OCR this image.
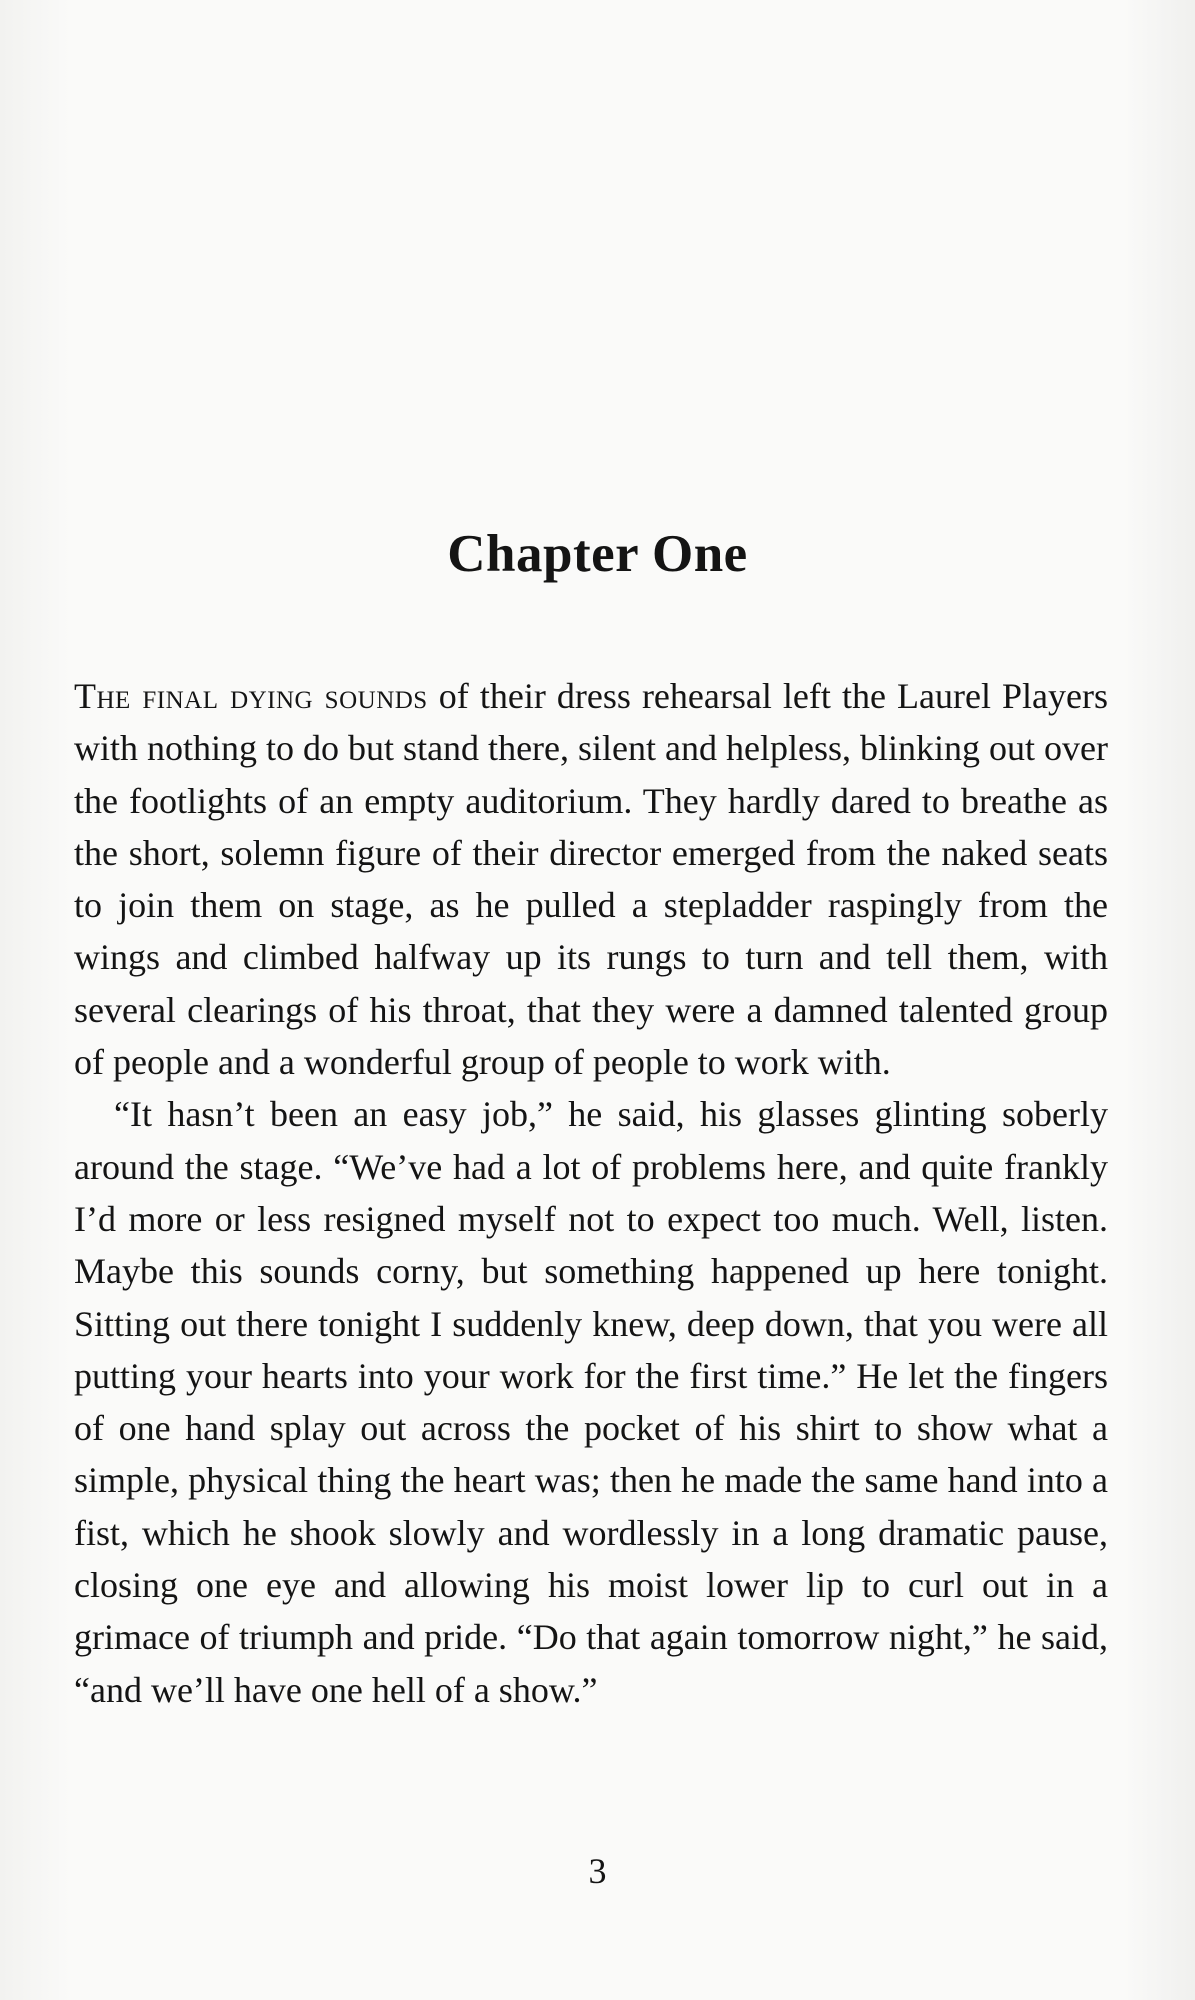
Chapter One

The final dying sounds of their dress rehearsal left the Laurel Players with nothing to do but stand there, silent and helpless, blinking out over the footlights of an empty auditorium. They hardly dared to breathe as the short, solemn figure of their director emerged from the naked seats to join them on stage, as he pulled a stepladder raspingly from the wings and climbed halfway up its rungs to turn and tell them, with several clearings of his throat, that they were a damned talented group of people and a wonderful group of people to work with.

“It hasn’t been an easy job,” he said, his glasses glinting soberly around the stage. “We’ve had a lot of problems here, and quite frankly I’d more or less resigned myself not to expect too much. Well, listen. Maybe this sounds corny, but something happened up here tonight. Sitting out there tonight I suddenly knew, deep down, that you were all putting your hearts into your work for the first time.” He let the fingers of one hand splay out across the pocket of his shirt to show what a simple, physical thing the heart was; then he made the same hand into a fist, which he shook slowly and wordlessly in a long dramatic pause, closing one eye and allowing his moist lower lip to curl out in a grimace of triumph and pride. “Do that again tomorrow night,” he said, “and we’ll have one hell of a show.”

3
